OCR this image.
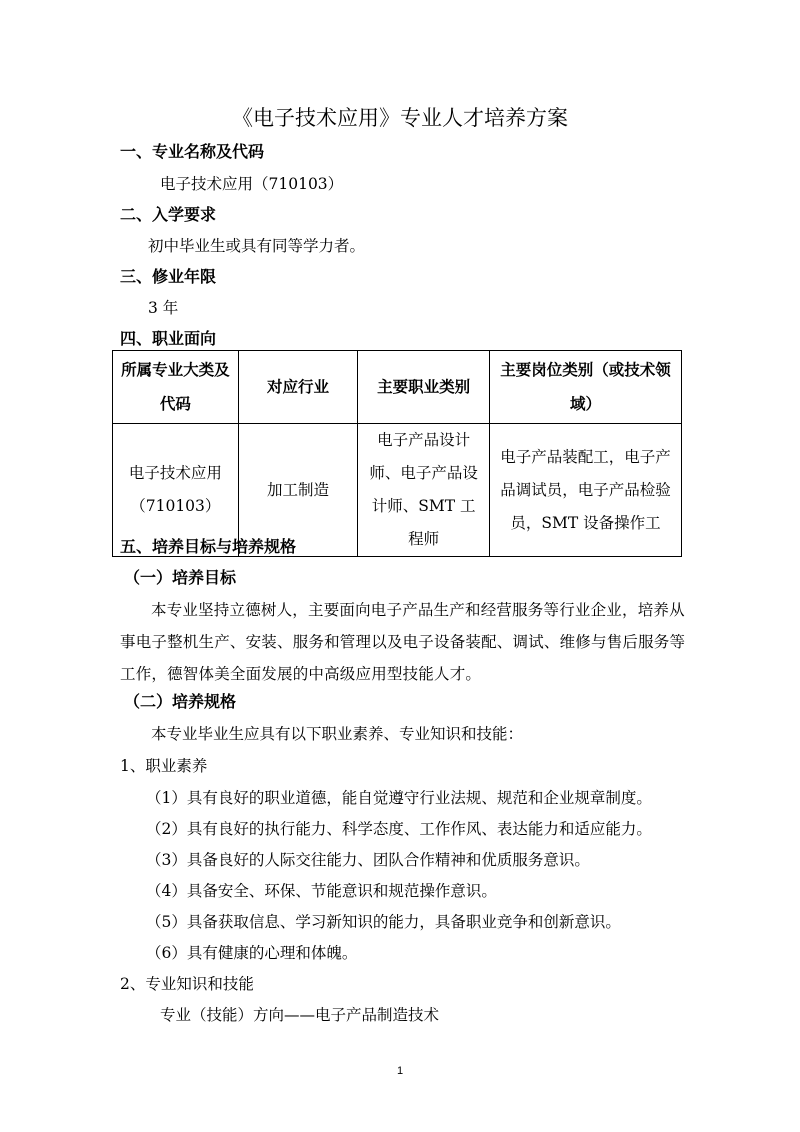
《电子技术应用》专业人才培养方案
一、专业名称及代码
电子技术应用（710103）
二、入学要求
初中毕业生或具有同等学力者。
三、修业年限
3 年
四、职业面向
所属专业大类及代码	对应行业	主要职业类别	主要岗位类别（或技术领域）
电子技术应用（710103）	加工制造	电子产品设计师、电子产品设计师、SMT 工程师	电子产品装配工，电子产品调试员，电子产品检验员，SMT 设备操作工
五、培养目标与培养规格
（一）培养目标
本专业坚持立德树人，主要面向电子产品生产和经营服务等行业企业，培养从事电子整机生产、安装、服务和管理以及电子设备装配、调试、维修与售后服务等工作，德智体美全面发展的中高级应用型技能人才。
（二）培养规格
本专业毕业生应具有以下职业素养、专业知识和技能：
1、职业素养
（1）具有良好的职业道德，能自觉遵守行业法规、规范和企业规章制度。
（2）具有良好的执行能力、科学态度、工作作风、表达能力和适应能力。
（3）具备良好的人际交往能力、团队合作精神和优质服务意识。
（4）具备安全、环保、节能意识和规范操作意识。
（5）具备获取信息、学习新知识的能力，具备职业竞争和创新意识。
（6）具有健康的心理和体魄。
2、专业知识和技能
专业（技能）方向——电子产品制造技术
1
